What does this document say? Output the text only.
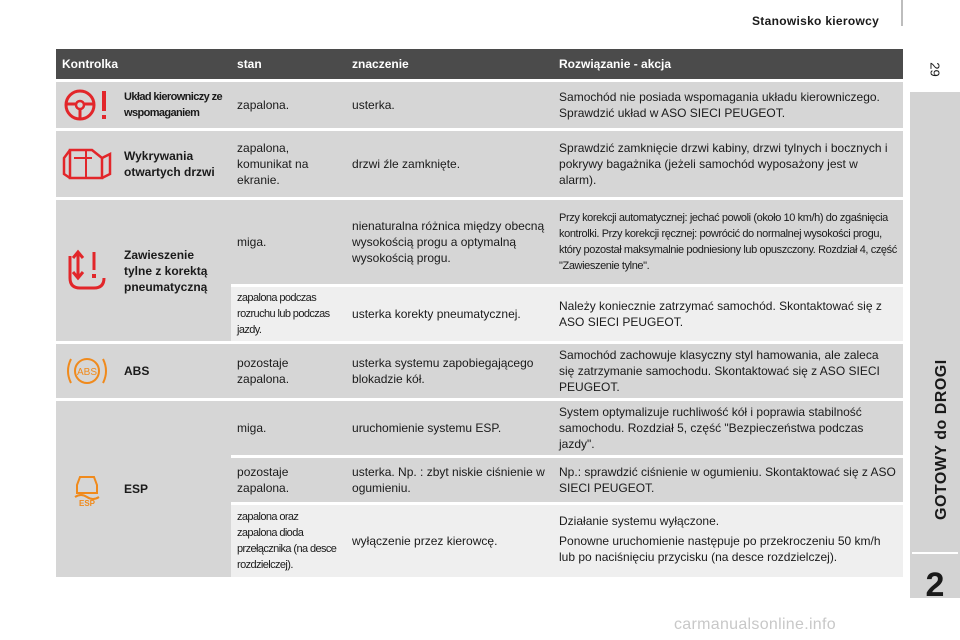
Stanowisko kierowcy
29
GOTOWY do DROGI
2
Kontrolka		stan	znaczenie	Rozwiązanie - akcja

	Układ kierowniczy ze wspomaganiem	zapalona.	usterka.	Samochód nie posiada wspomagania układu kierowniczego. Sprawdzić układ w ASO SIECI PEUGEOT.

	Wykrywania otwartych drzwi	zapalona, komunikat na ekranie.	drzwi źle zamknięte.	Sprawdzić zamknięcie drzwi kabiny, drzwi tylnych i bocznych i pokrywy bagażnika (jeżeli samochód wyposażony jest w alarm).

	Zawieszenie tylne z korektą pneumatyczną	miga.	nienaturalna różnica między obecną wysokością progu a optymalną wysokością progu.	Przy korekcji automatycznej: jechać powoli (około 10 km/h) do zgaśnięcia kontrolki. Przy korekcji ręcznej: powrócić do normalnej wysokości progu, który pozostał maksymalnie podniesiony lub opuszczony. Rozdział 4, część "Zawieszenie tylne".
		zapalona podczas rozruchu lub podczas jazdy.	usterka korekty pneumatycznej.	Należy koniecznie zatrzymać samochód. Skontaktować się z ASO SIECI PEUGEOT.

ABS	ABS	pozostaje zapalona.	usterka systemu zapobiegającego blokadzie kół.	Samochód zachowuje klasyczny styl hamowania, ale zaleca się zatrzymanie samochodu. Skontaktować się z ASO SIECI PEUGEOT.

ESP	ESP	miga.	uruchomienie systemu ESP.	System optymalizuje ruchliwość kół i poprawia stabilność samochodu. Rozdział 5, część "Bezpieczeństwa podczas jazdy".
		pozostaje zapalona.	usterka. Np. : zbyt niskie ciśnienie w ogumieniu.	Np.: sprawdzić ciśnienie w ogumieniu. Skontaktować się z ASO SIECI PEUGEOT.
		zapalona oraz zapalona dioda przełącznika (na desce rozdzielczej).	wyłączenie przez kierowcę.	Działanie systemu wyłączone.
Ponowne uruchomienie następuje po przekroczeniu 50 km/h lub po naciśnięciu przycisku (na desce rozdzielczej).
carmanualsonline.info
